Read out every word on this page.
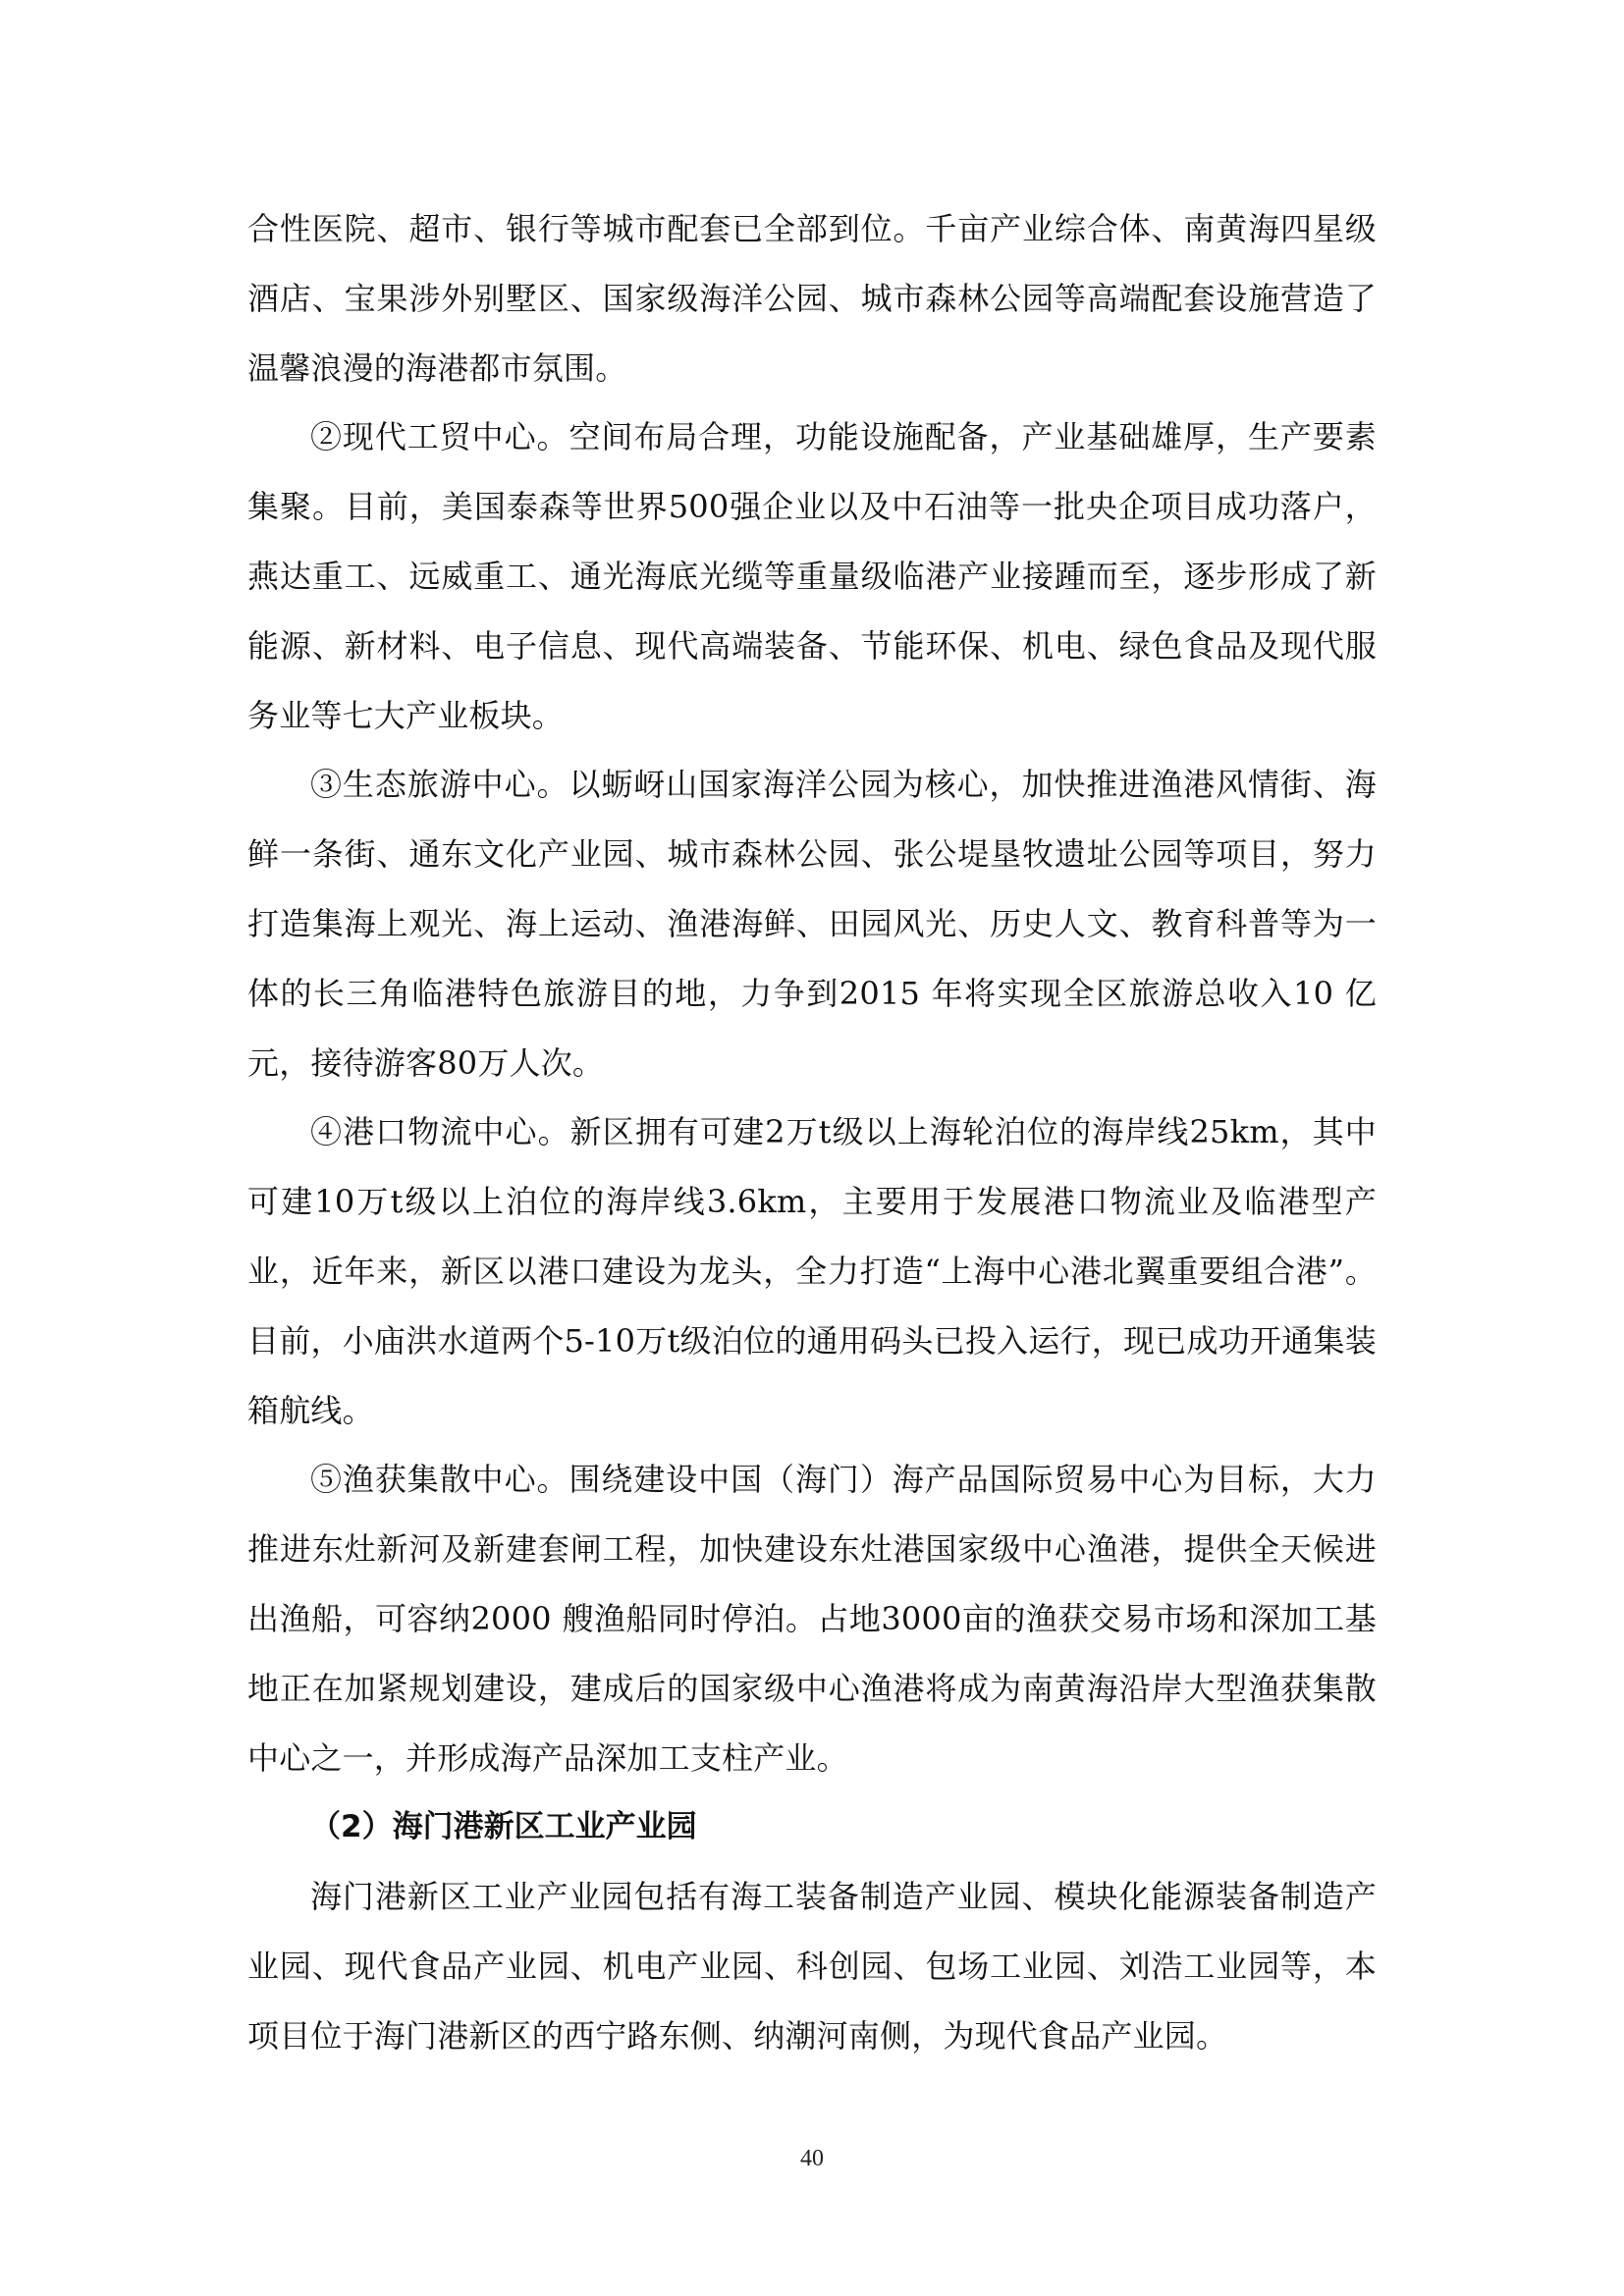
合性医院、超市、银行等城市配套已全部到位。千亩产业综合体、南黄海四星级酒店、宝果涉外别墅区、国家级海洋公园、城市森林公园等高端配套设施营造了温馨浪漫的海港都市氛围。

②现代工贸中心。空间布局合理，功能设施配备，产业基础雄厚，生产要素集聚。目前，美国泰森等世界500强企业以及中石油等一批央企项目成功落户，燕达重工、远威重工、通光海底光缆等重量级临港产业接踵而至，逐步形成了新能源、新材料、电子信息、现代高端装备、节能环保、机电、绿色食品及现代服务业等七大产业板块。

③生态旅游中心。以蛎岈山国家海洋公园为核心，加快推进渔港风情街、海鲜一条街、通东文化产业园、城市森林公园、张公堤垦牧遗址公园等项目，努力打造集海上观光、海上运动、渔港海鲜、田园风光、历史人文、教育科普等为一体的长三角临港特色旅游目的地，力争到2015 年将实现全区旅游总收入10 亿元，接待游客80万人次。

④港口物流中心。新区拥有可建2万t级以上海轮泊位的海岸线25km，其中可建10万t级以上泊位的海岸线3.6km，主要用于发展港口物流业及临港型产业，近年来，新区以港口建设为龙头，全力打造“上海中心港北翼重要组合港”。目前，小庙洪水道两个5-10万t级泊位的通用码头已投入运行，现已成功开通集装箱航线。

⑤渔获集散中心。围绕建设中国（海门）海产品国际贸易中心为目标，大力推进东灶新河及新建套闸工程，加快建设东灶港国家级中心渔港，提供全天候进出渔船，可容纳2000 艘渔船同时停泊。占地3000亩的渔获交易市场和深加工基地正在加紧规划建设，建成后的国家级中心渔港将成为南黄海沿岸大型渔获集散中心之一，并形成海产品深加工支柱产业。

（2）海门港新区工业产业园

海门港新区工业产业园包括有海工装备制造产业园、模块化能源装备制造产业园、现代食品产业园、机电产业园、科创园、包场工业园、刘浩工业园等，本项目位于海门港新区的西宁路东侧、纳潮河南侧，为现代食品产业园。

40
